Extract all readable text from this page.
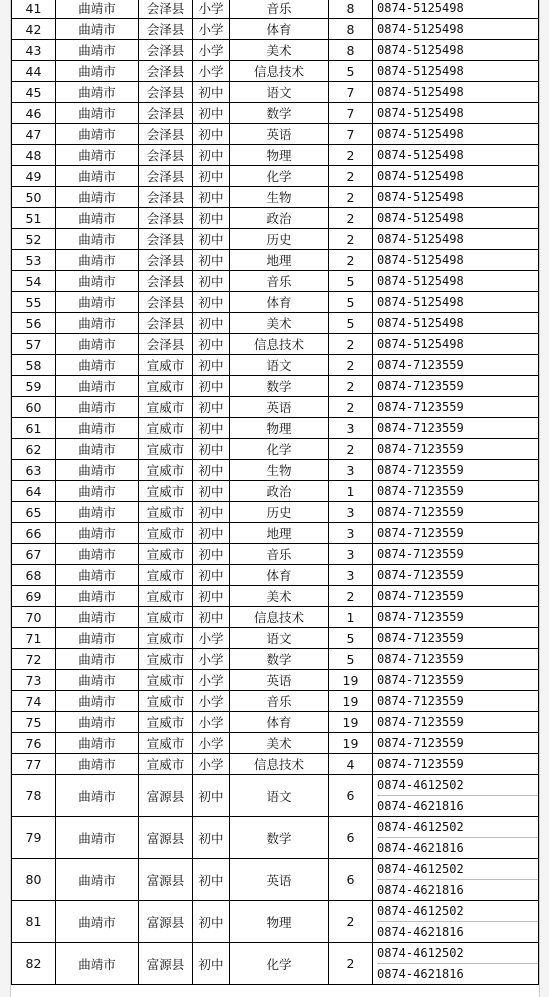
41	曲靖市	会泽县	小学	音乐	8	0874-5125498

42	曲靖市	会泽县	小学	体育	8	0874-5125498

43	曲靖市	会泽县	小学	美术	8	0874-5125498

44	曲靖市	会泽县	小学	信息技术	5	0874-5125498

45	曲靖市	会泽县	初中	语文	7	0874-5125498

46	曲靖市	会泽县	初中	数学	7	0874-5125498

47	曲靖市	会泽县	初中	英语	7	0874-5125498

48	曲靖市	会泽县	初中	物理	2	0874-5125498

49	曲靖市	会泽县	初中	化学	2	0874-5125498

50	曲靖市	会泽县	初中	生物	2	0874-5125498

51	曲靖市	会泽县	初中	政治	2	0874-5125498

52	曲靖市	会泽县	初中	历史	2	0874-5125498

53	曲靖市	会泽县	初中	地理	2	0874-5125498

54	曲靖市	会泽县	初中	音乐	5	0874-5125498

55	曲靖市	会泽县	初中	体育	5	0874-5125498

56	曲靖市	会泽县	初中	美术	5	0874-5125498

57	曲靖市	会泽县	初中	信息技术	2	0874-5125498

58	曲靖市	宣威市	初中	语文	2	0874-7123559

59	曲靖市	宣威市	初中	数学	2	0874-7123559

60	曲靖市	宣威市	初中	英语	2	0874-7123559

61	曲靖市	宣威市	初中	物理	3	0874-7123559

62	曲靖市	宣威市	初中	化学	2	0874-7123559

63	曲靖市	宣威市	初中	生物	3	0874-7123559

64	曲靖市	宣威市	初中	政治	1	0874-7123559

65	曲靖市	宣威市	初中	历史	3	0874-7123559

66	曲靖市	宣威市	初中	地理	3	0874-7123559

67	曲靖市	宣威市	初中	音乐	3	0874-7123559

68	曲靖市	宣威市	初中	体育	3	0874-7123559

69	曲靖市	宣威市	初中	美术	2	0874-7123559

70	曲靖市	宣威市	初中	信息技术	1	0874-7123559

71	曲靖市	宣威市	小学	语文	5	0874-7123559

72	曲靖市	宣威市	小学	数学	5	0874-7123559

73	曲靖市	宣威市	小学	英语	19	0874-7123559

74	曲靖市	宣威市	小学	音乐	19	0874-7123559

75	曲靖市	宣威市	小学	体育	19	0874-7123559

76	曲靖市	宣威市	小学	美术	19	0874-7123559

77	曲靖市	宣威市	小学	信息技术	4	0874-7123559

78	曲靖市	富源县	初中	语文	6	0874-4612502
0874-4621816

79	曲靖市	富源县	初中	数学	6	0874-4612502
0874-4621816

80	曲靖市	富源县	初中	英语	6	0874-4612502
0874-4621816

81	曲靖市	富源县	初中	物理	2	0874-4612502
0874-4621816

82	曲靖市	富源县	初中	化学	2	0874-4612502
0874-4621816
